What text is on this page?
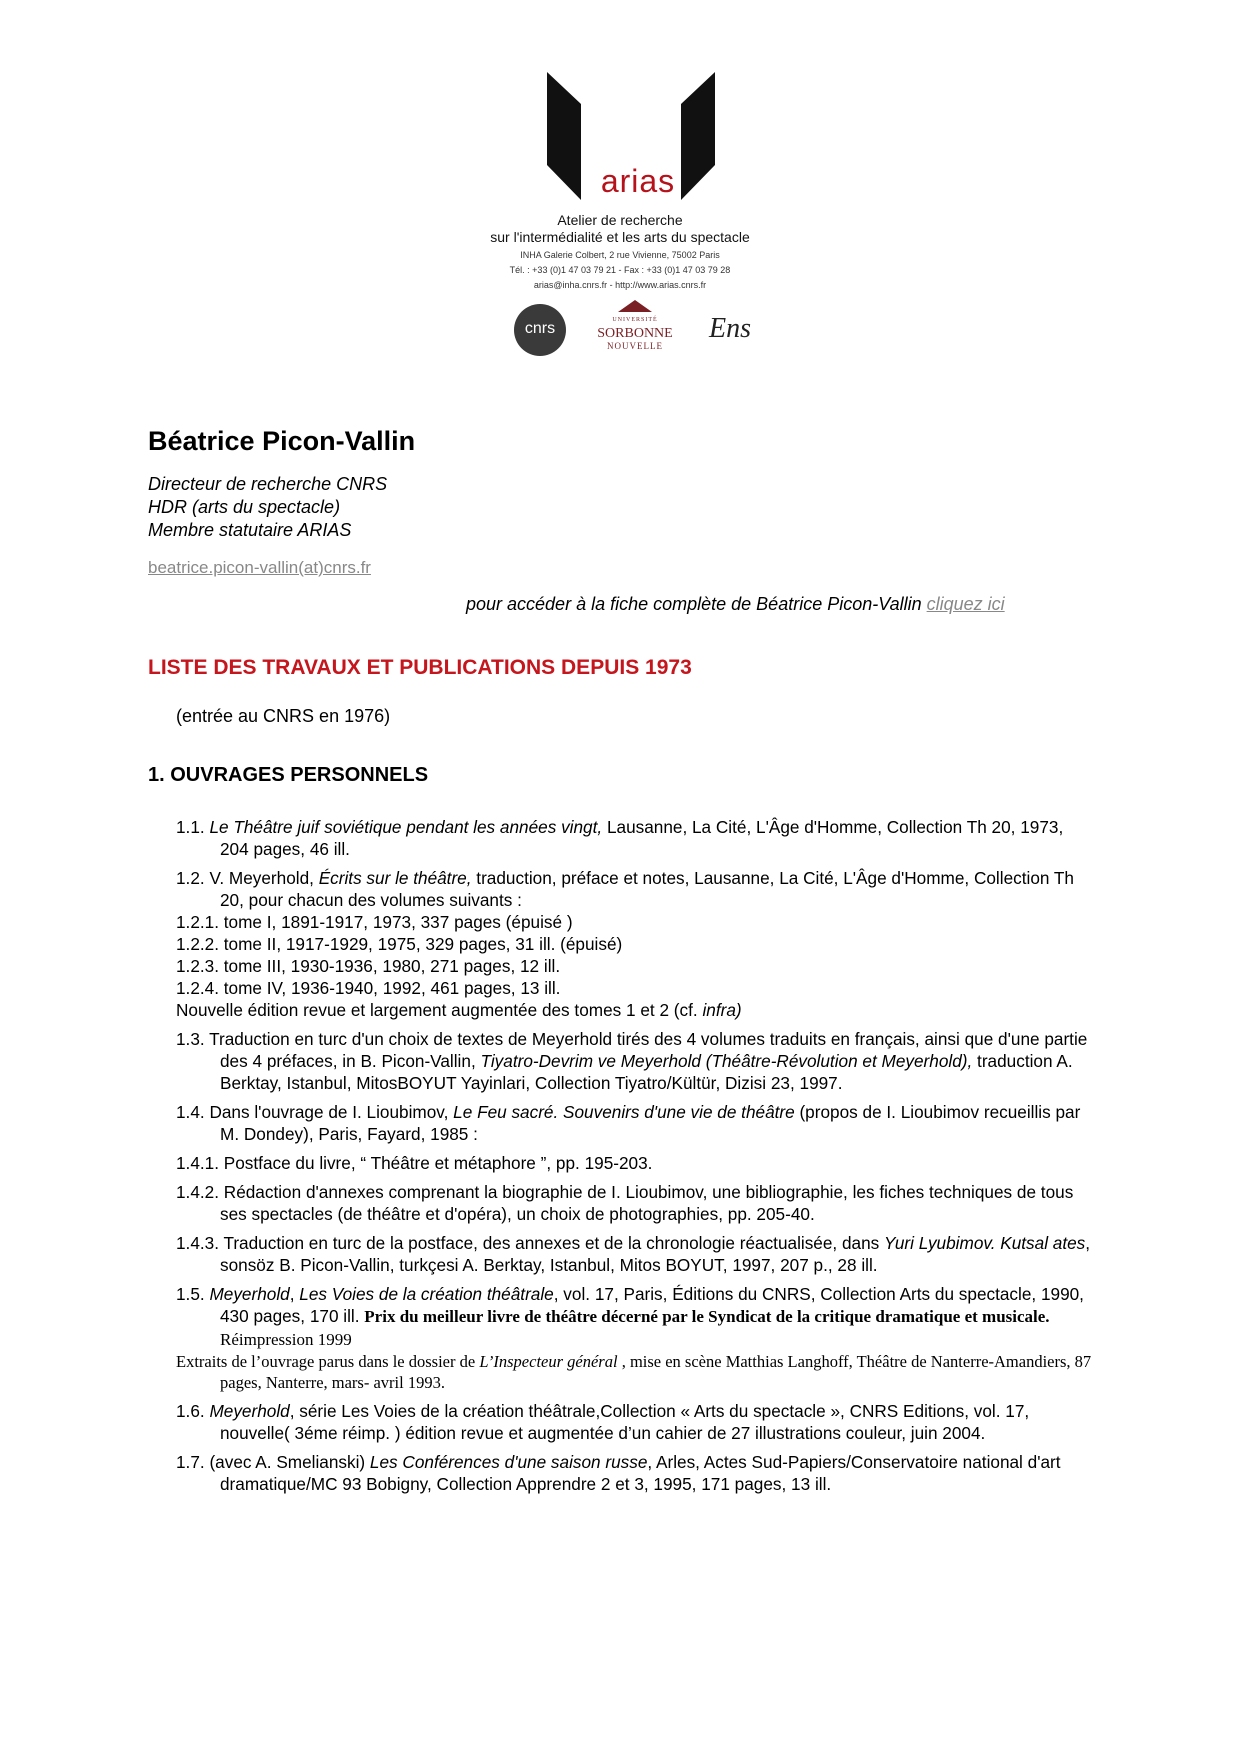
arias
Atelier de recherche
sur l'intermédialité et les arts du spectacle
INHA Galerie Colbert, 2 rue Vivienne, 75002 Paris
Tél. : +33 (0)1 47 03 79 21 - Fax : +33 (0)1 47 03 79 28
arias@inha.cnrs.fr - http://www.arias.cnrs.fr
cnrs	UNIVERSITÉ
SORBONNE
NOUVELLE
Ens
Béatrice Picon-Vallin
Directeur de recherche CNRS
HDR (arts du spectacle)
Membre statutaire ARIAS
beatrice.picon-vallin(at)cnrs.fr
pour accéder à la fiche complète de Béatrice Picon-Vallin cliquez ici
LISTE DES TRAVAUX ET PUBLICATIONS DEPUIS 1973
(entrée au CNRS en 1976)
1. OUVRAGES PERSONNELS
1.1. Le Théâtre juif soviétique pendant les années vingt, Lausanne, La Cité, L'Âge d'Homme, Collection Th 20, 1973, 204 pages, 46 ill.
1.2. V. Meyerhold, Écrits sur le théâtre, traduction, préface et notes, Lausanne, La Cité, L'Âge d'Homme, Collection Th 20, pour chacun des volumes suivants :
1.2.1. tome I, 1891-1917, 1973, 337 pages (épuisé )
1.2.2. tome II, 1917-1929, 1975, 329 pages, 31 ill. (épuisé)
1.2.3. tome III, 1930-1936, 1980, 271 pages, 12 ill.
1.2.4. tome IV, 1936-1940, 1992, 461 pages, 13 ill.
Nouvelle édition revue et largement augmentée des tomes 1 et 2 (cf. infra)
1.3. Traduction en turc d'un choix de textes de Meyerhold tirés des 4 volumes traduits en français, ainsi que d'une partie des 4 préfaces, in B. Picon-Vallin, Tiyatro-Devrim ve Meyerhold (Théâtre-Révolution et Meyerhold), traduction A. Berktay, Istanbul, MitosBOYUT Yayinlari, Collection Tiyatro/Kültür, Dizisi 23, 1997.
1.4. Dans l'ouvrage de I. Lioubimov, Le Feu sacré. Souvenirs d'une vie de théâtre (propos de I. Lioubimov recueillis par M. Dondey), Paris, Fayard, 1985 :
1.4.1. Postface du livre, “ Théâtre et métaphore ”, pp. 195-203.
1.4.2. Rédaction d'annexes comprenant la biographie de I. Lioubimov, une bibliographie, les fiches techniques de tous ses spectacles (de théâtre et d'opéra), un choix de photographies, pp. 205-40.
1.4.3. Traduction en turc de la postface, des annexes et de la chronologie réactualisée, dans Yuri Lyubimov. Kutsal ates, sonsöz B. Picon-Vallin, turkçesi A. Berktay, Istanbul, Mitos BOYUT, 1997, 207 p., 28 ill.
1.5. Meyerhold, Les Voies de la création théâtrale, vol. 17, Paris, Éditions du CNRS, Collection Arts du spectacle, 1990, 430 pages, 170 ill. Prix du meilleur livre de théâtre décerné par le Syndicat de la critique dramatique et musicale. Réimpression 1999
Extraits de l’ouvrage parus dans le dossier de L’Inspecteur général , mise en scène Matthias Langhoff, Théâtre de Nanterre-Amandiers, 87 pages, Nanterre, mars- avril 1993.
1.6. Meyerhold, série Les Voies de la création théâtrale,Collection « Arts du spectacle », CNRS Editions, vol. 17, nouvelle( 3éme réimp. ) édition revue et augmentée d’un cahier de 27 illustrations couleur, juin 2004.
1.7. (avec A. Smelianski) Les Conférences d'une saison russe, Arles, Actes Sud-Papiers/Conservatoire national d'art dramatique/MC 93 Bobigny, Collection Apprendre 2 et 3, 1995, 171 pages, 13 ill.
